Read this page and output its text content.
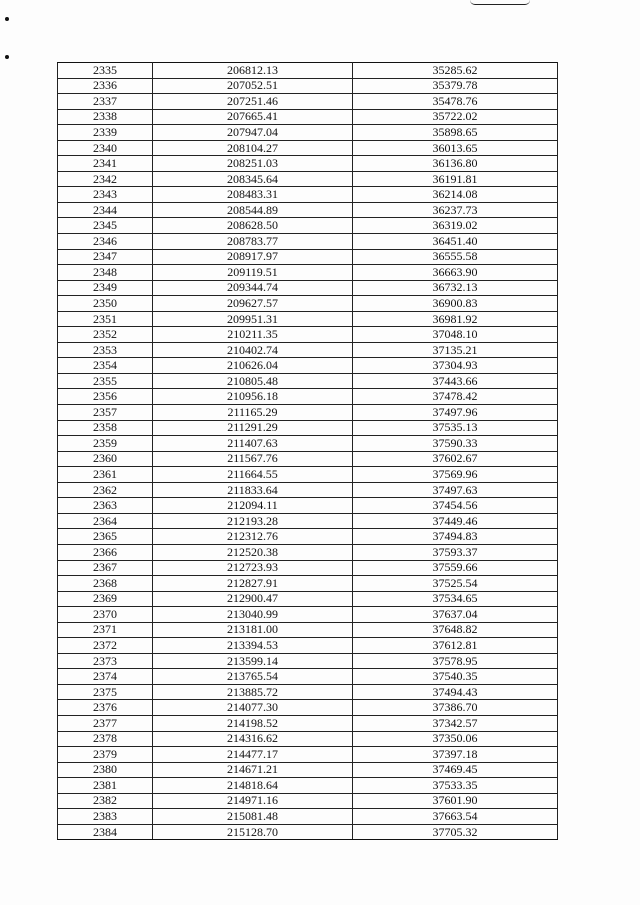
2335	206812.13	35285.62
2336	207052.51	35379.78
2337	207251.46	35478.76
2338	207665.41	35722.02
2339	207947.04	35898.65
2340	208104.27	36013.65
2341	208251.03	36136.80
2342	208345.64	36191.81
2343	208483.31	36214.08
2344	208544.89	36237.73
2345	208628.50	36319.02
2346	208783.77	36451.40
2347	208917.97	36555.58
2348	209119.51	36663.90
2349	209344.74	36732.13
2350	209627.57	36900.83
2351	209951.31	36981.92
2352	210211.35	37048.10
2353	210402.74	37135.21
2354	210626.04	37304.93
2355	210805.48	37443.66
2356	210956.18	37478.42
2357	211165.29	37497.96
2358	211291.29	37535.13
2359	211407.63	37590.33
2360	211567.76	37602.67
2361	211664.55	37569.96
2362	211833.64	37497.63
2363	212094.11	37454.56
2364	212193.28	37449.46
2365	212312.76	37494.83
2366	212520.38	37593.37
2367	212723.93	37559.66
2368	212827.91	37525.54
2369	212900.47	37534.65
2370	213040.99	37637.04
2371	213181.00	37648.82
2372	213394.53	37612.81
2373	213599.14	37578.95
2374	213765.54	37540.35
2375	213885.72	37494.43
2376	214077.30	37386.70
2377	214198.52	37342.57
2378	214316.62	37350.06
2379	214477.17	37397.18
2380	214671.21	37469.45
2381	214818.64	37533.35
2382	214971.16	37601.90
2383	215081.48	37663.54
2384	215128.70	37705.32
